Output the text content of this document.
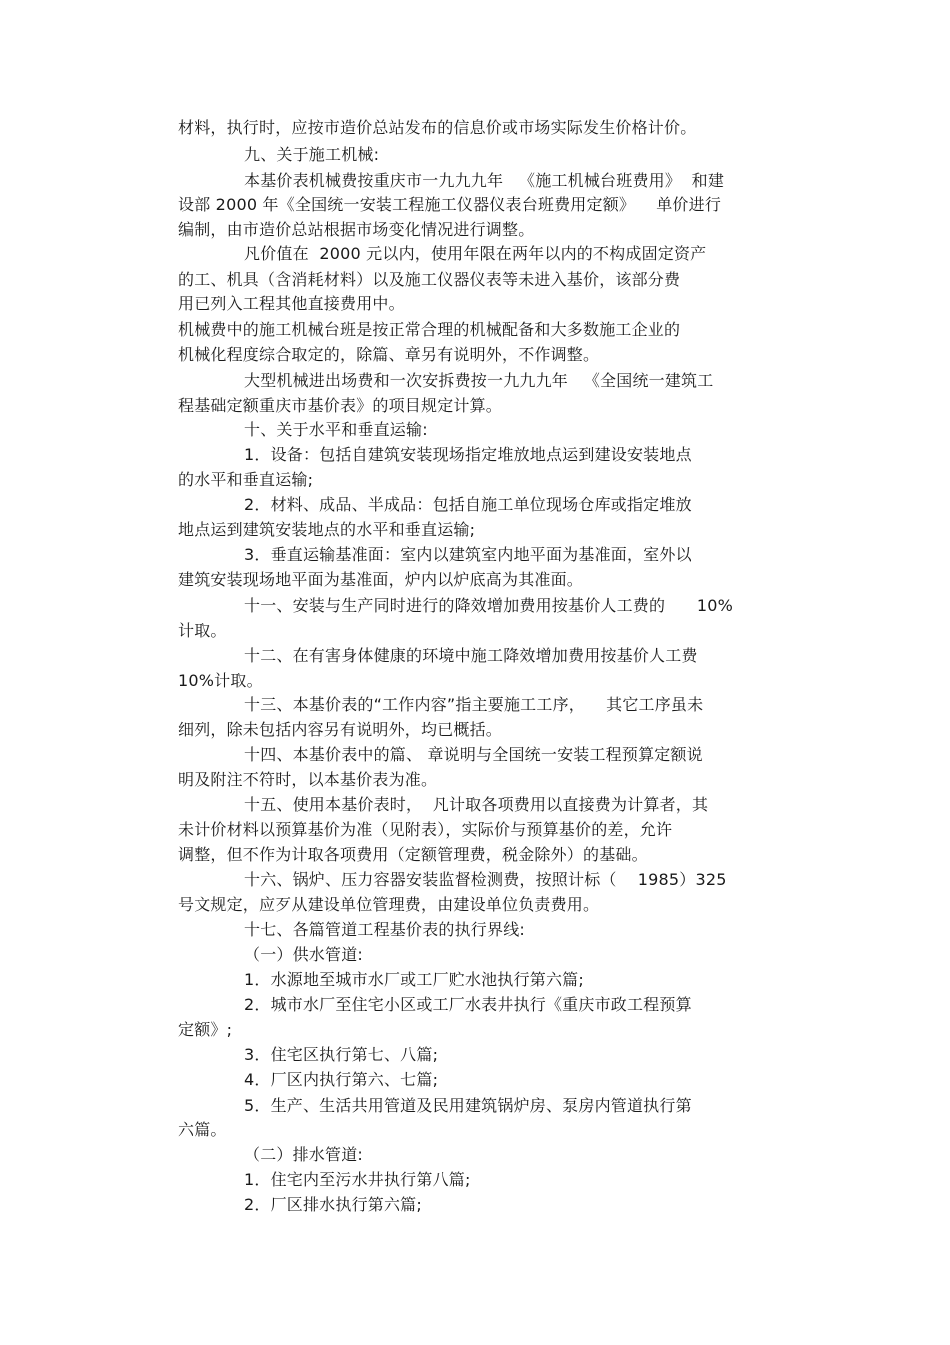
材料，执行时，应按市造价总站发布的信息价或市场实际发生价格计价。
九、关于施工机械:
本基价表机械费按重庆市一九九九年   《施工机械台班费用》  和建
设部 2000 年《全国统一安装工程施工仪器仪表台班费用定额》    单价进行
编制，由市造价总站根据市场变化情况进行调整。
凡价值在  2000 元以内，使用年限在两年以内的不构成固定资产
的工、机具（含消耗材料）以及施工仪器仪表等未进入基价，该部分费
用已列入工程其他直接费用中。
机械费中的施工机械台班是按正常合理的机械配备和大多数施工企业的
机械化程度综合取定的，除篇、章另有说明外，不作调整。
大型机械进出场费和一次安拆费按一九九九年   《全国统一建筑工
程基础定额重庆市基价表》的项目规定计算。
十、关于水平和垂直运输:
1．设备：包括自建筑安装现场指定堆放地点运到建设安装地点
的水平和垂直运输;
2．材料、成品、半成品：包括自施工单位现场仓库或指定堆放
地点运到建筑安装地点的水平和垂直运输;
3．垂直运输基准面：室内以建筑室内地平面为基准面，室外以
建筑安装现场地平面为基准面，炉内以炉底高为其准面。
十一、安装与生产同时进行的降效增加费用按基价人工费的      10%
计取。
十二、在有害身体健康的环境中施工降效增加费用按基价人工费
10%计取。
十三、本基价表的“工作内容”指主要施工工序，    其它工序虽未
细列，除未包括内容另有说明外，均已概括。
十四、本基价表中的篇、 章说明与全国统一安装工程预算定额说
明及附注不符时，以本基价表为准。
十五、使用本基价表时，  凡计取各项费用以直接费为计算者，其
未计价材料以预算基价为准（见附表），实际价与预算基价的差，允许
调整，但不作为计取各项费用（定额管理费，税金除外）的基础。
十六、锅炉、压力容器安装监督检测费，按照计标（    1985）325
号文规定，应歹从建设单位管理费，由建设单位负责费用。
十七、各篇管道工程基价表的执行界线:
（一）供水管道:
1．水源地至城市水厂或工厂贮水池执行第六篇;
2．城市水厂至住宅小区或工厂水表井执行《重庆市政工程预算
定额》;
3．住宅区执行第七、八篇;
4．厂区内执行第六、七篇;
5．生产、生活共用管道及民用建筑锅炉房、泵房内管道执行第
六篇。
（二）排水管道:
1．住宅内至污水井执行第八篇;
2．厂区排水执行第六篇;
